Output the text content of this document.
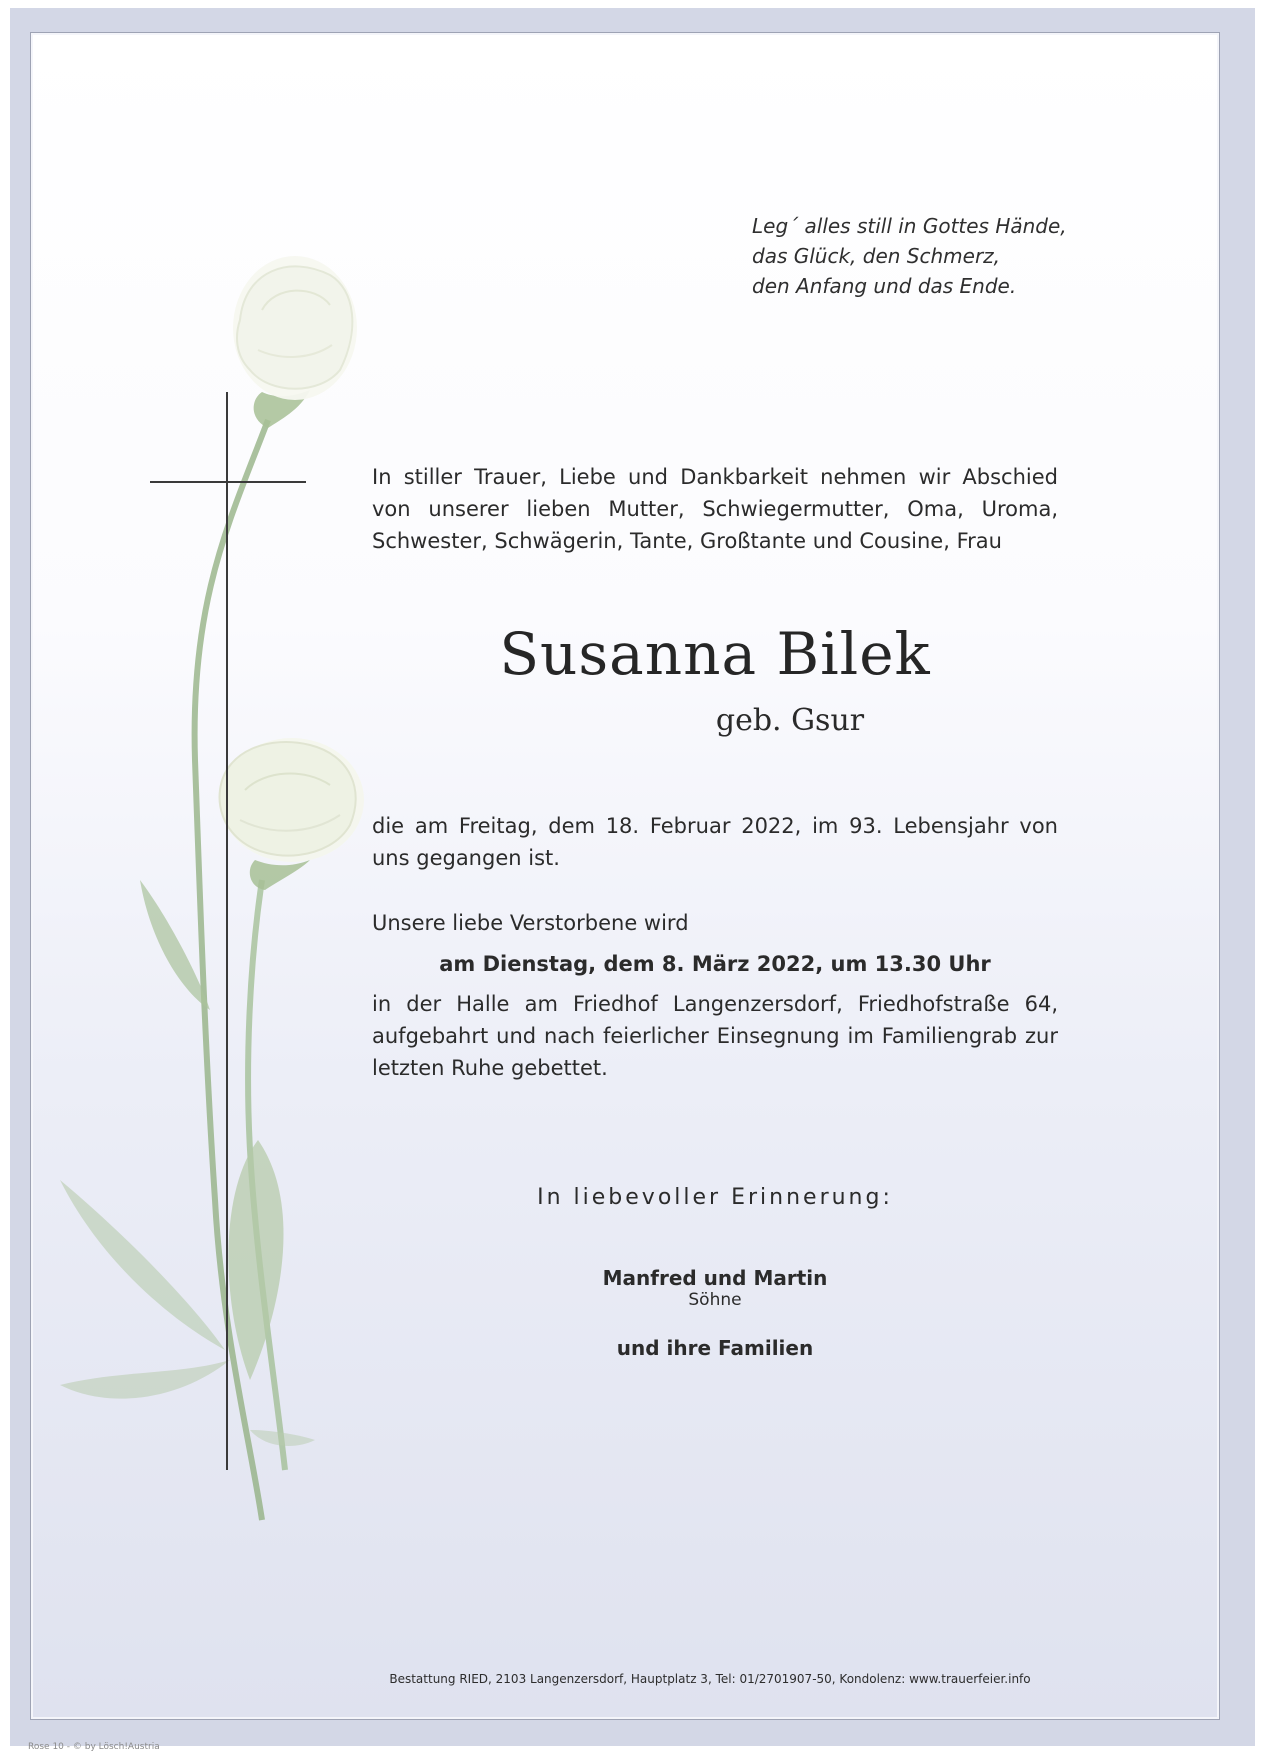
Leg´ alles still in Gottes Hände,
das Glück, den Schmerz,
den Anfang und das Ende.
In stiller Trauer, Liebe und Dankbarkeit nehmen wir Abschied von unserer lieben Mutter, Schwiegermutter, Oma, Uroma, Schwester, Schwägerin, Tante, Großtante und Cousine, Frau
Susanna Bilek
geb. Gsur
die am Freitag, dem 18. Februar 2022, im 93. Lebensjahr von uns gegangen ist.
Unsere liebe Verstorbene wird
am Dienstag, dem 8. März 2022, um 13.30 Uhr
in der Halle am Friedhof Langenzersdorf, Friedhofstraße 64, aufgebahrt und nach feierlicher Einsegnung im Familiengrab zur letzten Ruhe gebettet.
In liebevoller Erinnerung:
Manfred und Martin
Söhne
und ihre Familien
Bestattung RIED, 2103 Langenzersdorf, Hauptplatz 3, Tel: 01/2701907-50, Kondolenz: www.trauerfeier.info
Rose 10 - © by Lösch!Austria
